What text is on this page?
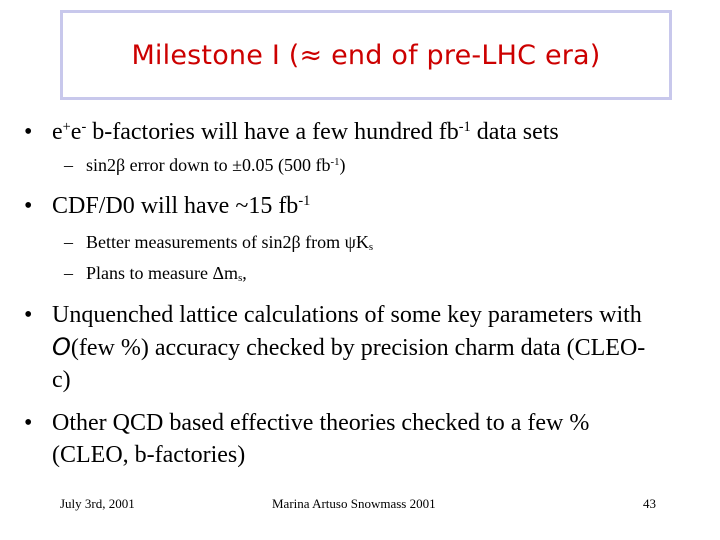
Milestone I (≈ end of pre-LHC era)
• e+e- b-factories will have a few hundred $fb^{-1}$ data sets
– sin2β error down to ±0.05 (500 $fb^{-1}$)
• CDF/D0 will have ~15 $fb^{-1}$
– Better measurements of sin2β from $\psi K_s$
– Plans to measure $\Delta m_s$,
• Unquenched lattice calculations of some key parameters with O(few %) accuracy checked by precision charm data (CLEO-c)
• Other QCD based effective theories checked to a few % (CLEO, b-factories)
July 3rd, 2001	Marina Artuso Snowmass 2001	43
